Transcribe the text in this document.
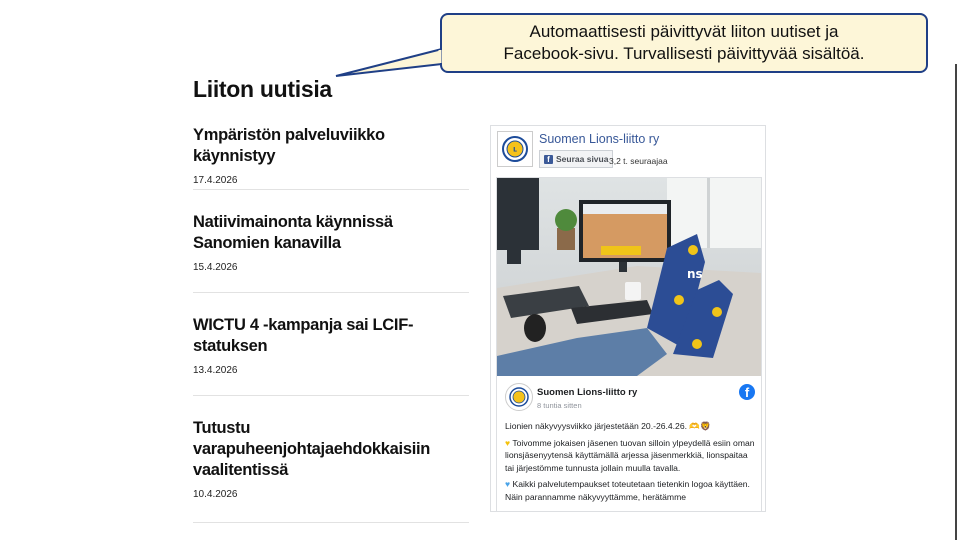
Automaattisesti päivittyvät liiton uutiset ja
Facebook-sivu. Turvallisesti päivittyvää sisältöä.
Liiton uutisia
Ympäristön palveluviikko käynnistyy
17.4.2026
Natiivimainonta käynnissä Sanomien kanavilla
15.4.2026
WICTU 4 -kampanja sai LCIF-statuksen
13.4.2026
Tutustu varapuheenjohtajaehdokkaisiin vaalitentissä
10.4.2026
L
Suomen Lions-liitto ry
f Seuraa sivua 3,2 t. seuraajaa
ns
Suomen Lions-liitto ry
8 tuntia sitten
f

Lionien näkyvyysviikko järjestetään 20.-26.4.26. 🫶🦁

♥ Toivomme jokaisen jäsenen tuovan silloin ylpeydellä esiin oman lionsjäsenyytensä käyttämällä arjessa jäsenmerkkiä, lionspaitaa tai järjestömme tunnusta jollain muulla tavalla.

♥ Kaikki palvelutempaukset toteutetaan tietenkin logoa käyttäen. Näin parannamme näkyvyyttämme, herätämme
